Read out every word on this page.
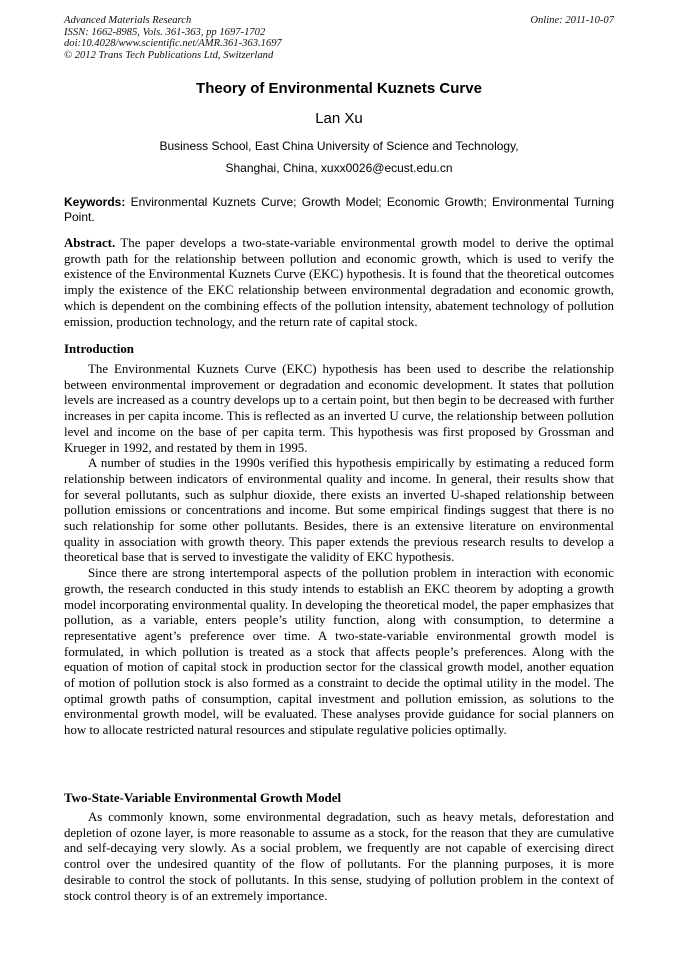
Advanced Materials Research
ISSN: 1662-8985, Vols. 361-363, pp 1697-1702
doi:10.4028/www.scientific.net/AMR.361-363.1697
© 2012 Trans Tech Publications Ltd, Switzerland
Online: 2011-10-07
Theory of Environmental Kuznets Curve
Lan Xu
Business School, East China University of Science and Technology,
Shanghai, China, xuxx0026@ecust.edu.cn
Keywords: Environmental Kuznets Curve; Growth Model; Economic Growth; Environmental Turning Point.

Abstract. The paper develops a two-state-variable environmental growth model to derive the optimal growth path for the relationship between pollution and economic growth, which is used to verify the existence of the Environmental Kuznets Curve (EKC) hypothesis. It is found that the theoretical outcomes imply the existence of the EKC relationship between environmental degradation and economic growth, which is dependent on the combining effects of the pollution intensity, abatement technology of pollution emission, production technology, and the return rate of capital stock.

Introduction

The Environmental Kuznets Curve (EKC) hypothesis has been used to describe the relationship between environmental improvement or degradation and economic development. It states that pollution levels are increased as a country develops up to a certain point, but then begin to be decreased with further increases in per capita income. This is reflected as an inverted U curve, the relationship between pollution level and income on the base of per capita term. This hypothesis was first proposed by Grossman and Krueger in 1992, and restated by them in 1995.

A number of studies in the 1990s verified this hypothesis empirically by estimating a reduced form relationship between indicators of environmental quality and income. In general, their results show that for several pollutants, such as sulphur dioxide, there exists an inverted U-shaped relationship between pollution emissions or concentrations and income. But some empirical findings suggest that there is no such relationship for some other pollutants. Besides, there is an extensive literature on environmental quality in association with growth theory. This paper extends the previous research results to develop a theoretical base that is served to investigate the validity of EKC hypothesis.

Since there are strong intertemporal aspects of the pollution problem in interaction with economic growth, the research conducted in this study intends to establish an EKC theorem by adopting a growth model incorporating environmental quality. In developing the theoretical model, the paper emphasizes that pollution, as a variable, enters people’s utility function, along with consumption, to determine a representative agent’s preference over time. A two-state-variable environmental growth model is formulated, in which pollution is treated as a stock that affects people’s preferences. Along with the equation of motion of capital stock in production sector for the classical growth model, another equation of motion of pollution stock is also formed as a constraint to decide the optimal utility in the model. The optimal growth paths of consumption, capital investment and pollution emission, as solutions to the environmental growth model, will be evaluated. These analyses provide guidance for social planners on how to allocate restricted natural resources and stipulate regulative policies optimally.

Two-State-Variable Environmental Growth Model

As commonly known, some environmental degradation, such as heavy metals, deforestation and depletion of ozone layer, is more reasonable to assume as a stock, for the reason that they are cumulative and self-decaying very slowly. As a social problem, we frequently are not capable of exercising direct control over the undesired quantity of the flow of pollutants. For the planning purposes, it is more desirable to control the stock of pollutants. In this sense, studying of pollution problem in the context of stock control theory is of an extremely importance.
